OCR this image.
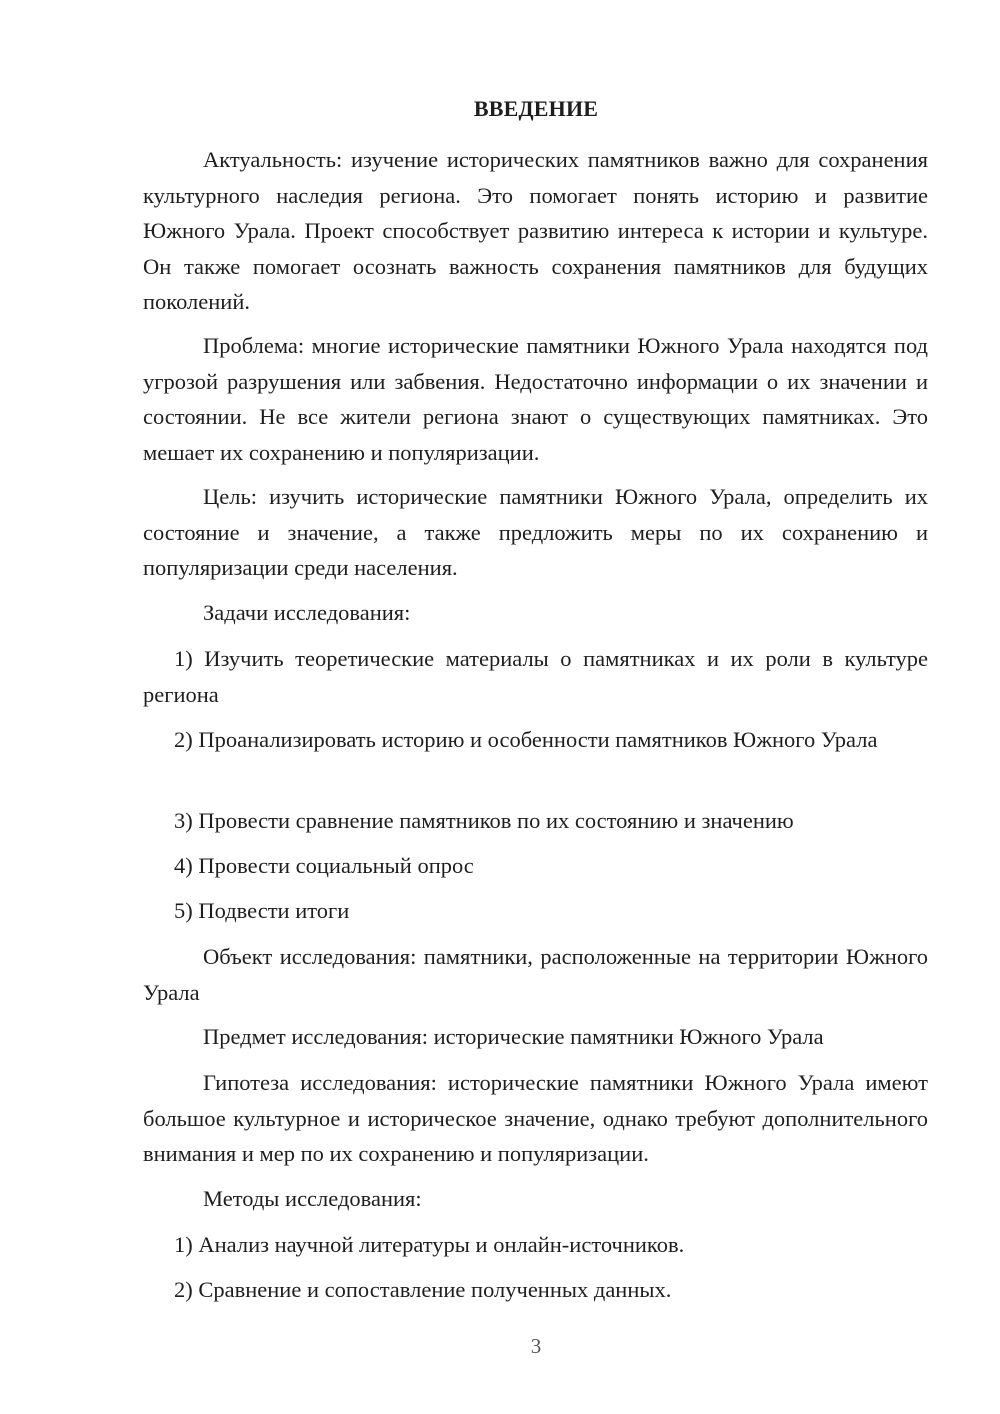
ВВЕДЕНИЕ

Актуальность: изучение исторических памятников важно для сохранения культурного наследия региона. Это помогает понять историю и развитие Южного Урала. Проект способствует развитию интереса к истории и культуре. Он также помогает осознать важность сохранения памятников для будущих поколений.

Проблема: многие исторические памятники Южного Урала находятся под угрозой разрушения или забвения. Недостаточно информации о их значении и состоянии. Не все жители региона знают о существующих памятниках. Это мешает их сохранению и популяризации.

Цель: изучить исторические памятники Южного Урала, определить их состояние и значение, а также предложить меры по их сохранению и популяризации среди населения.

Задачи исследования:

1) Изучить теоретические материалы о памятниках и их роли в культуре региона

2) Проанализировать историю и особенности памятников Южного Урала

3) Провести сравнение памятников по их состоянию и значению

4) Провести социальный опрос

5) Подвести итоги

Объект исследования: памятники, расположенные на территории Южного Урала

Предмет исследования: исторические памятники Южного Урала

Гипотеза исследования: исторические памятники Южного Урала имеют большое культурное и историческое значение, однако требуют дополнительного внимания и мер по их сохранению и популяризации.

Методы исследования:

1) Анализ научной литературы и онлайн-источников.

2) Сравнение и сопоставление полученных данных.

3
